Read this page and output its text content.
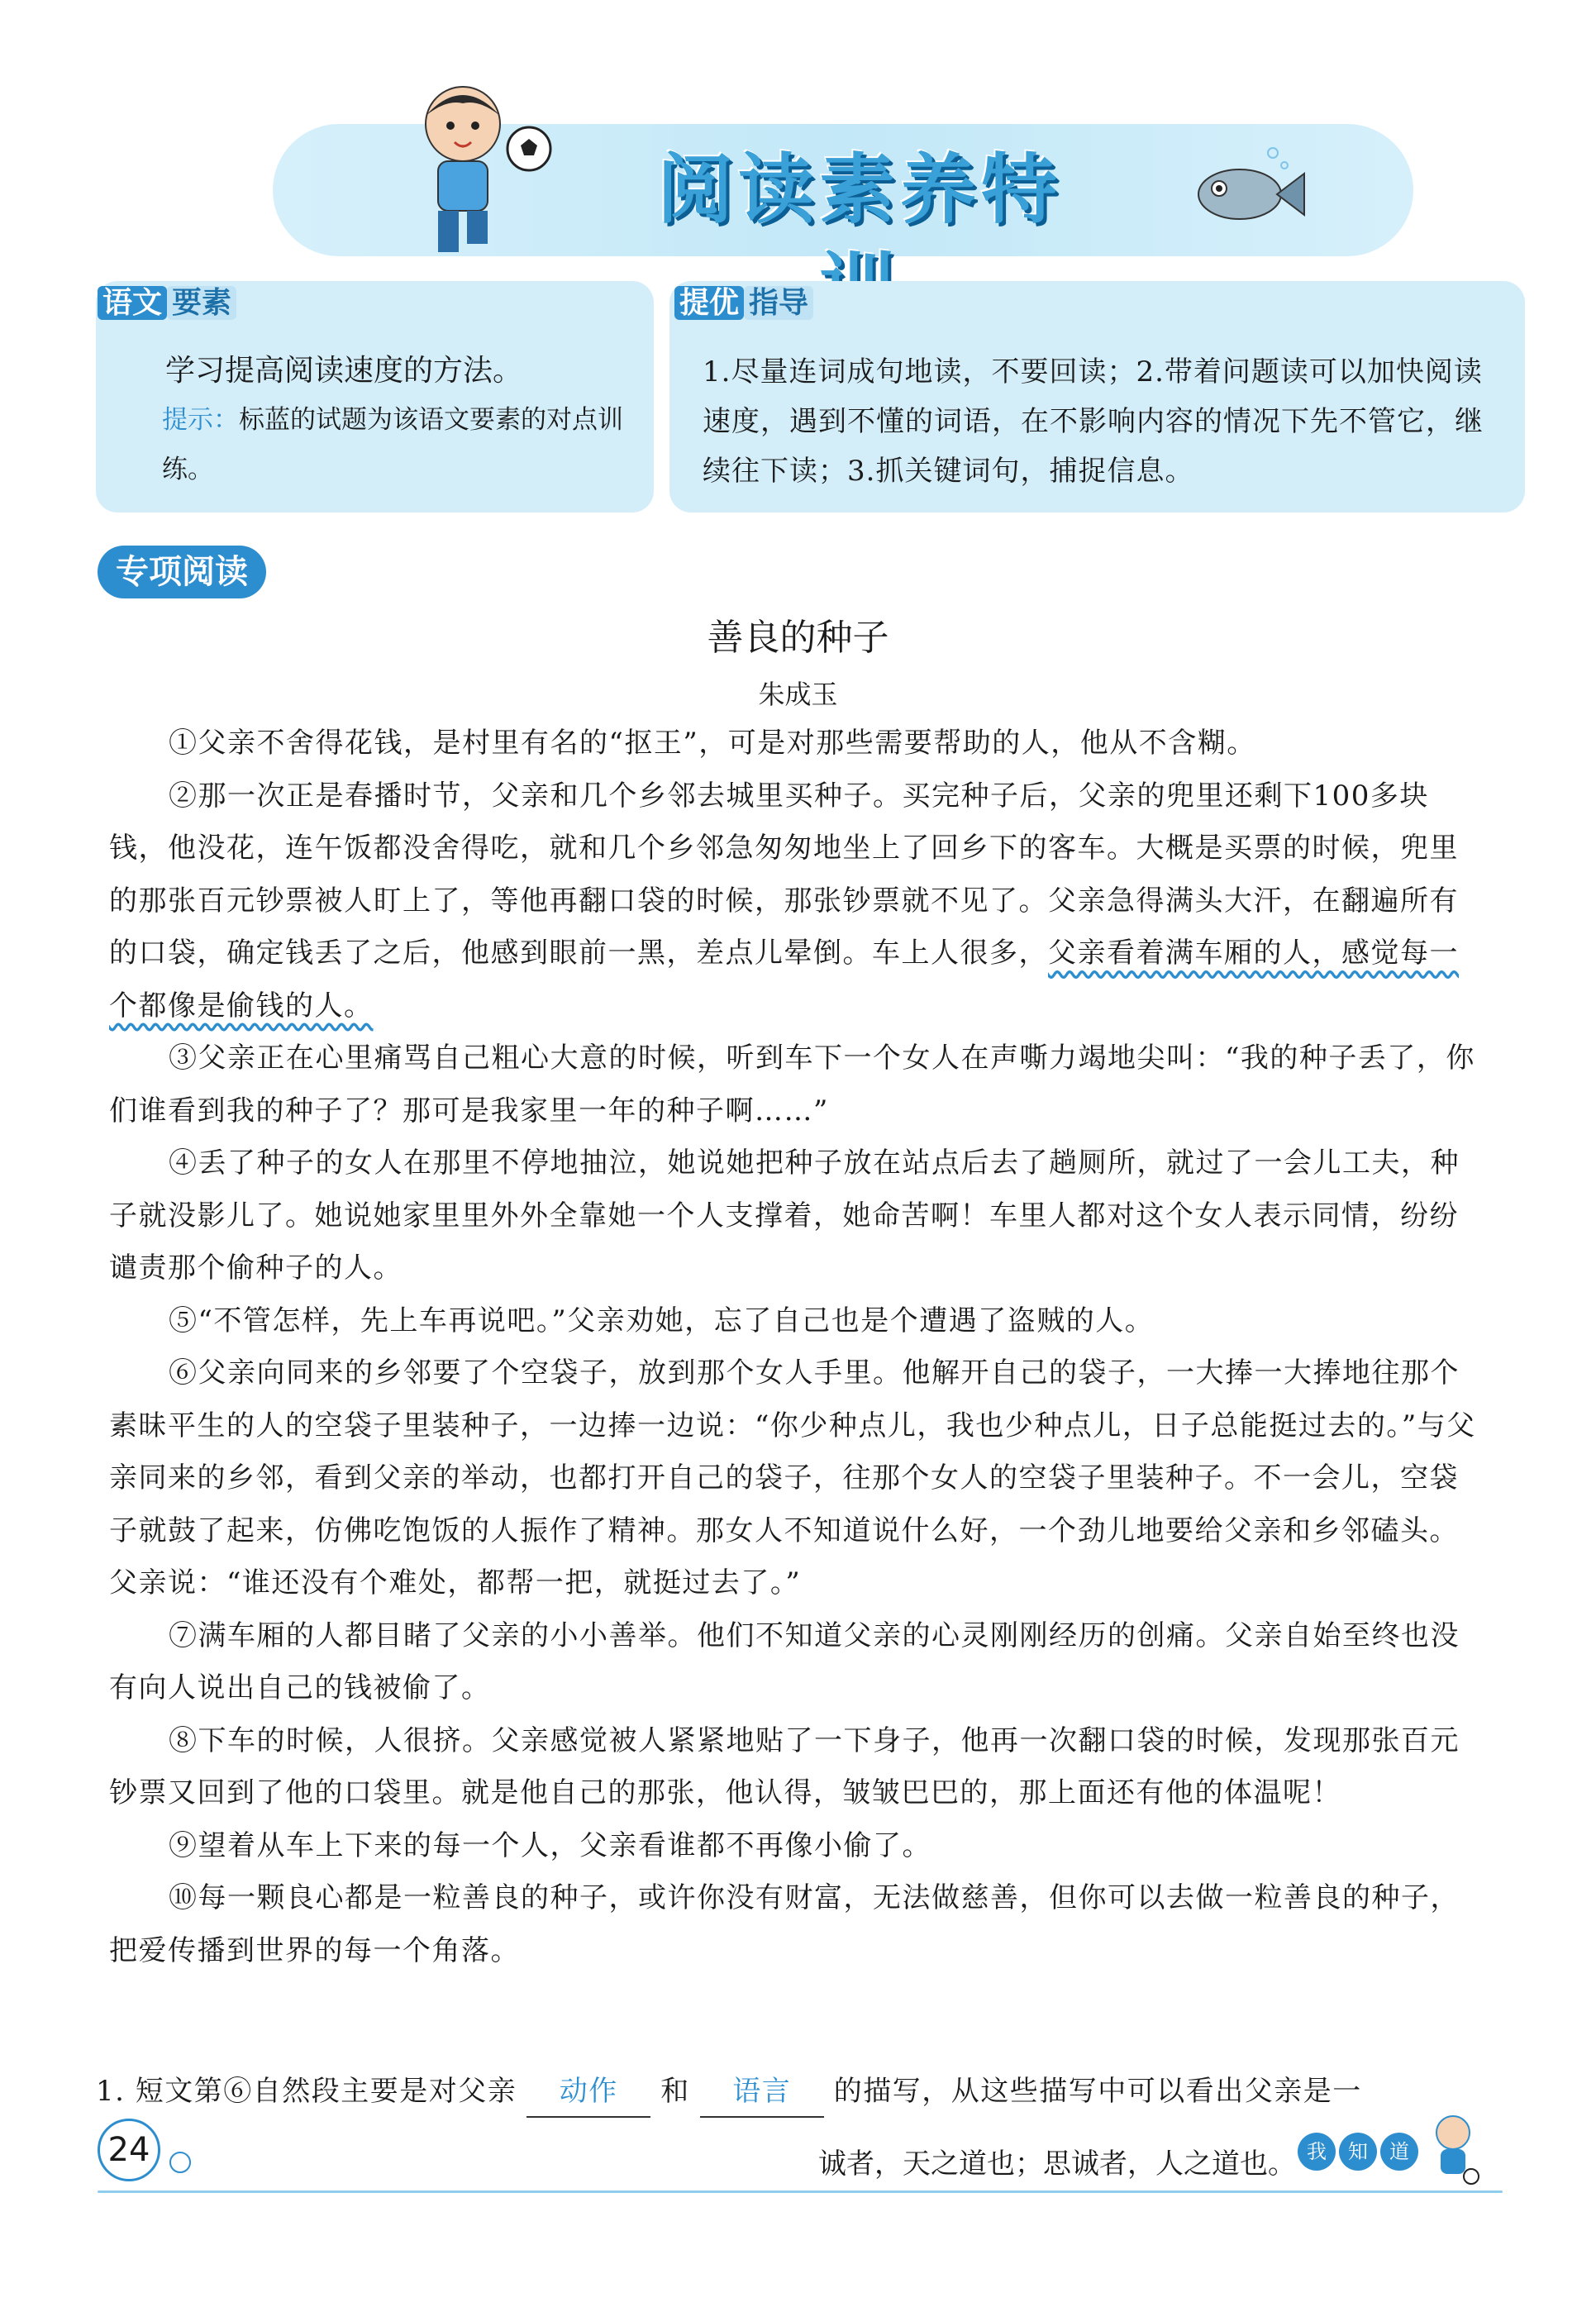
阅读素养特
语文 要素
学习提高阅读速度的方法。
提示：标蓝的试题为该语文要素的对点训练。
提优 指导
1.尽量连词成句地读，不要回读；2.带着问题读可以加快阅读速度，遇到不懂的词语，在不影响内容的情况下先不管它，继续往下读；3.抓关键词句，捕捉信息。
专项阅读
善良的种子
朱成玉

①父亲不舍得花钱，是村里有名的“抠王”，可是对那些需要帮助的人，他从不含糊。

②那一次正是春播时节，父亲和几个乡邻去城里买种子。买完种子后，父亲的兜里还剩下100多块钱，他没花，连午饭都没舍得吃，就和几个乡邻急匆匆地坐上了回乡下的客车。大概是买票的时候，兜里的那张百元钞票被人盯上了，等他再翻口袋的时候，那张钞票就不见了。父亲急得满头大汗，在翻遍所有的口袋，确定钱丢了之后，他感到眼前一黑，差点儿晕倒。车上人很多，父亲看着满车厢的人，感觉每一个都像是偷钱的人。

③父亲正在心里痛骂自己粗心大意的时候，听到车下一个女人在声嘶力竭地尖叫：“我的种子丢了，你们谁看到我的种子了？那可是我家里一年的种子啊……”

④丢了种子的女人在那里不停地抽泣，她说她把种子放在站点后去了趟厕所，就过了一会儿工夫，种子就没影儿了。她说她家里里外外全靠她一个人支撑着，她命苦啊！车里人都对这个女人表示同情，纷纷谴责那个偷种子的人。

⑤“不管怎样，先上车再说吧。”父亲劝她，忘了自己也是个遭遇了盗贼的人。

⑥父亲向同来的乡邻要了个空袋子，放到那个女人手里。他解开自己的袋子，一大捧一大捧地往那个素昧平生的人的空袋子里装种子，一边捧一边说：“你少种点儿，我也少种点儿，日子总能挺过去的。”与父亲同来的乡邻，看到父亲的举动，也都打开自己的袋子，往那个女人的空袋子里装种子。不一会儿，空袋子就鼓了起来，仿佛吃饱饭的人振作了精神。那女人不知道说什么好，一个劲儿地要给父亲和乡邻磕头。父亲说：“谁还没有个难处，都帮一把，就挺过去了。”

⑦满车厢的人都目睹了父亲的小小善举。他们不知道父亲的心灵刚刚经历的创痛。父亲自始至终也没有向人说出自己的钱被偷了。

⑧下车的时候，人很挤。父亲感觉被人紧紧地贴了一下身子，他再一次翻口袋的时候，发现那张百元钞票又回到了他的口袋里。就是他自己的那张，他认得，皱皱巴巴的，那上面还有他的体温呢！

⑨望着从车上下来的每一个人，父亲看谁都不再像小偷了。

⑩每一颗良心都是一粒善良的种子，或许你没有财富，无法做慈善，但你可以去做一粒善良的种子，把爱传播到世界的每一个角落。

1. 短文第⑥自然段主要是对父亲 动作 和 语言 的描写，从这些描写中可以看出父亲是一
24	诚者，天之道也；思诚者，人之道也。 我	知	道
